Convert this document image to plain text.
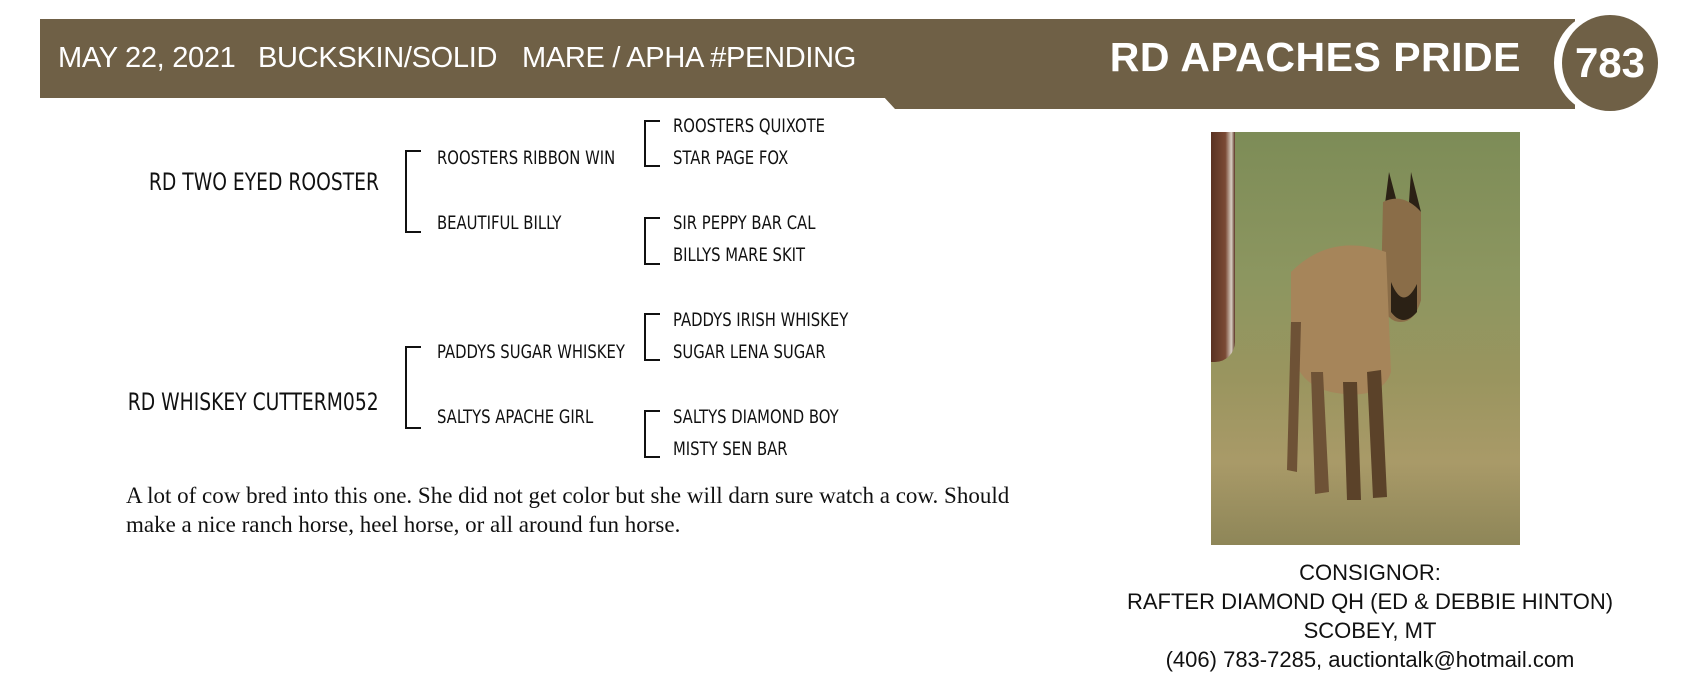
MAY 22, 2021 BUCKSKIN/SOLID MARE / APHA #PENDING	RD APACHES PRIDE	783
RD TWO EYED ROOSTER
ROOSTERS RIBBON WIN
BEAUTIFUL BILLY
ROOSTERS QUIXOTE
STAR PAGE FOX
SIR PEPPY BAR CAL
BILLYS MARE SKIT
RD WHISKEY CUTTERM052
PADDYS SUGAR WHISKEY
SALTYS APACHE GIRL
PADDYS IRISH WHISKEY
SUGAR LENA SUGAR
SALTYS DIAMOND BOY
MISTY SEN BAR
A lot of cow bred into this one. She did not get color but she will darn sure watch a cow. Should make a nice ranch horse, heel horse, or all around fun horse.
CONSIGNOR:
RAFTER DIAMOND QH (ED & DEBBIE HINTON)
SCOBEY, MT
(406) 783-7285, auctiontalk@hotmail.com
